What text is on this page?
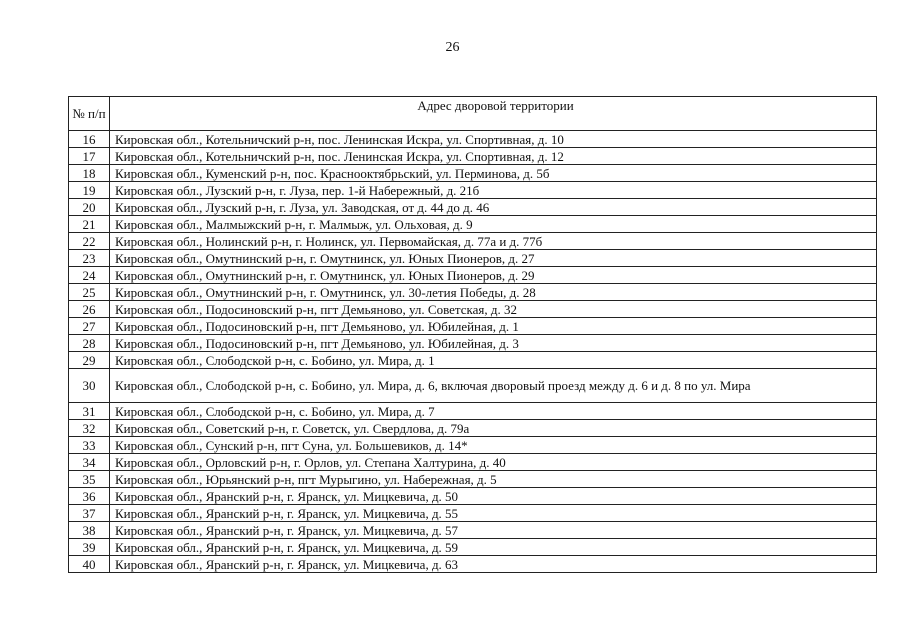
26
№ п/п	Адрес дворовой территории
16	Кировская обл., Котельничский р-н, пос. Ленинская Искра, ул. Спортивная, д. 10
17	Кировская обл., Котельничский р-н, пос. Ленинская Искра, ул. Спортивная, д. 12
18	Кировская обл., Куменский р-н, пос. Краснооктябрьский, ул. Перминова, д. 5б
19	Кировская обл., Лузский р-н, г. Луза, пер. 1-й Набережный, д. 21б
20	Кировская обл., Лузский р-н, г. Луза, ул. Заводская, от д. 44 до д. 46
21	Кировская обл., Малмыжский р-н, г. Малмыж, ул. Ольховая, д. 9
22	Кировская обл., Нолинский р-н, г. Нолинск, ул. Первомайская, д. 77а и д. 77б
23	Кировская обл., Омутнинский р-н, г. Омутнинск, ул. Юных Пионеров, д. 27
24	Кировская обл., Омутнинский р-н, г. Омутнинск, ул. Юных Пионеров, д. 29
25	Кировская обл., Омутнинский р-н, г. Омутнинск, ул. 30-летия Победы, д. 28
26	Кировская обл., Подосиновский р-н, пгт Демьяново, ул. Советская, д. 32
27	Кировская обл., Подосиновский р-н, пгт Демьяново, ул. Юбилейная, д. 1
28	Кировская обл., Подосиновский р-н, пгт Демьяново, ул. Юбилейная, д. 3
29	Кировская обл., Слободской р-н, с. Бобино, ул. Мира, д. 1
30	Кировская обл., Слободской р-н, с. Бобино, ул. Мира, д. 6, включая дворовый проезд между д. 6 и д. 8 по ул. Мира
31	Кировская обл., Слободской р-н, с. Бобино, ул. Мира, д. 7
32	Кировская обл., Советский р-н, г. Советск, ул. Свердлова, д. 79а
33	Кировская обл., Сунский р-н, пгт Суна, ул. Большевиков, д. 14*
34	Кировская обл., Орловский р-н, г. Орлов, ул. Степана Халтурина, д. 40
35	Кировская обл., Юрьянский р-н, пгт Мурыгино, ул. Набережная, д. 5
36	Кировская обл., Яранский р-н, г. Яранск, ул. Мицкевича, д. 50
37	Кировская обл., Яранский р-н, г. Яранск, ул. Мицкевича, д. 55
38	Кировская обл., Яранский р-н, г. Яранск, ул. Мицкевича, д. 57
39	Кировская обл., Яранский р-н, г. Яранск, ул. Мицкевича, д. 59
40	Кировская обл., Яранский р-н, г. Яранск, ул. Мицкевича, д. 63
